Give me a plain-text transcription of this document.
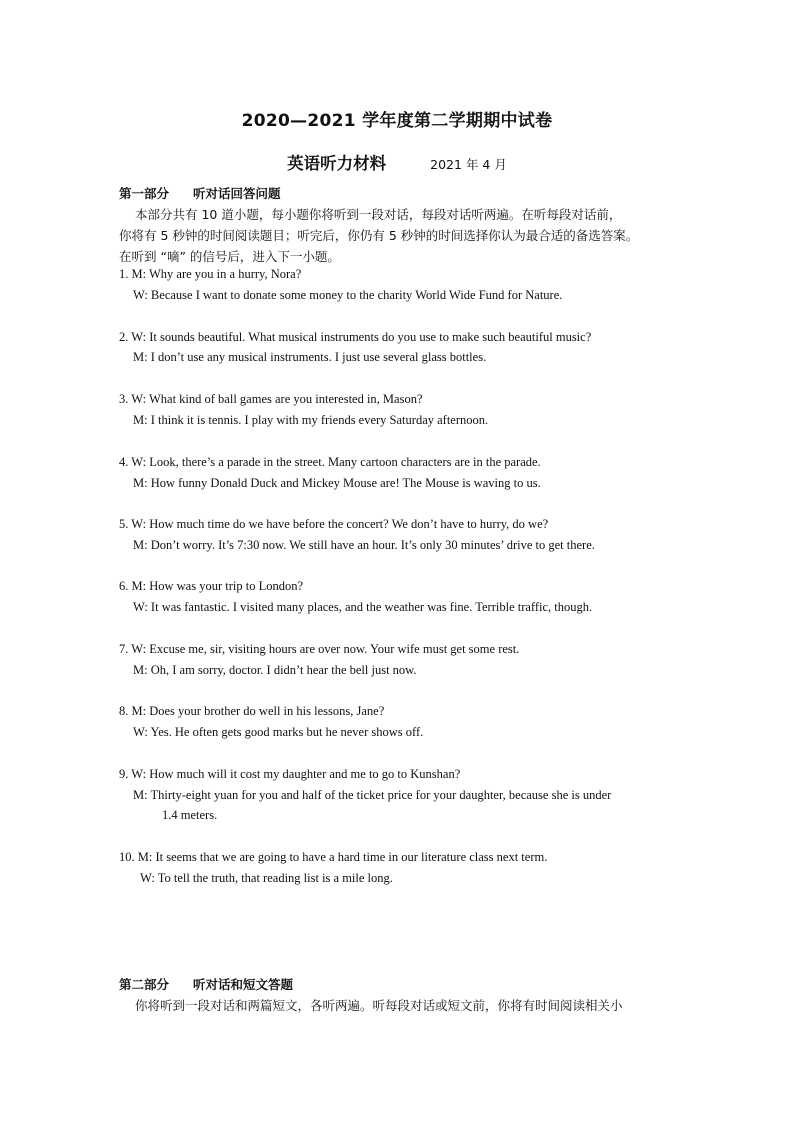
2020—2021 学年度第二学期期中试卷
英语听力材料	2021 年 4 月
第一部分 听对话回答问题
本部分共有 10 道小题，每小题你将听到一段对话，每段对话听两遍。在听每段对话前，
你将有 5 秒钟的时间阅读题目；听完后，你仍有 5 秒钟的时间选择你认为最合适的备选答案。
在听到 “嘀” 的信号后，进入下一小题。
1. M: Why are you in a hurry, Nora?
W: Because I want to donate some money to the charity World Wide Fund for Nature.
2. W: It sounds beautiful. What musical instruments do you use to make such beautiful music?
M: I don’t use any musical instruments. I just use several glass bottles.
3. W: What kind of ball games are you interested in, Mason?
M: I think it is tennis. I play with my friends every Saturday afternoon.
4. W: Look, there’s a parade in the street. Many cartoon characters are in the parade.
M: How funny Donald Duck and Mickey Mouse are! The Mouse is waving to us.
5. W: How much time do we have before the concert? We don’t have to hurry, do we?
M: Don’t worry. It’s 7:30 now. We still have an hour. It’s only 30 minutes’ drive to get there.
6. M: How was your trip to London?
W: It was fantastic. I visited many places, and the weather was fine. Terrible traffic, though.
7. W: Excuse me, sir, visiting hours are over now. Your wife must get some rest.
M: Oh, I am sorry, doctor. I didn’t hear the bell just now.
8. M: Does your brother do well in his lessons, Jane?
W: Yes. He often gets good marks but he never shows off.
9. W: How much will it cost my daughter and me to go to Kunshan?
M: Thirty-eight yuan for you and half of the ticket price for your daughter, because she is under
1.4 meters.
10. M: It seems that we are going to have a hard time in our literature class next term.
W: To tell the truth, that reading list is a mile long.
第二部分 听对话和短文答题
你将听到一段对话和两篇短文，各听两遍。听每段对话或短文前，你将有时间阅读相关小
